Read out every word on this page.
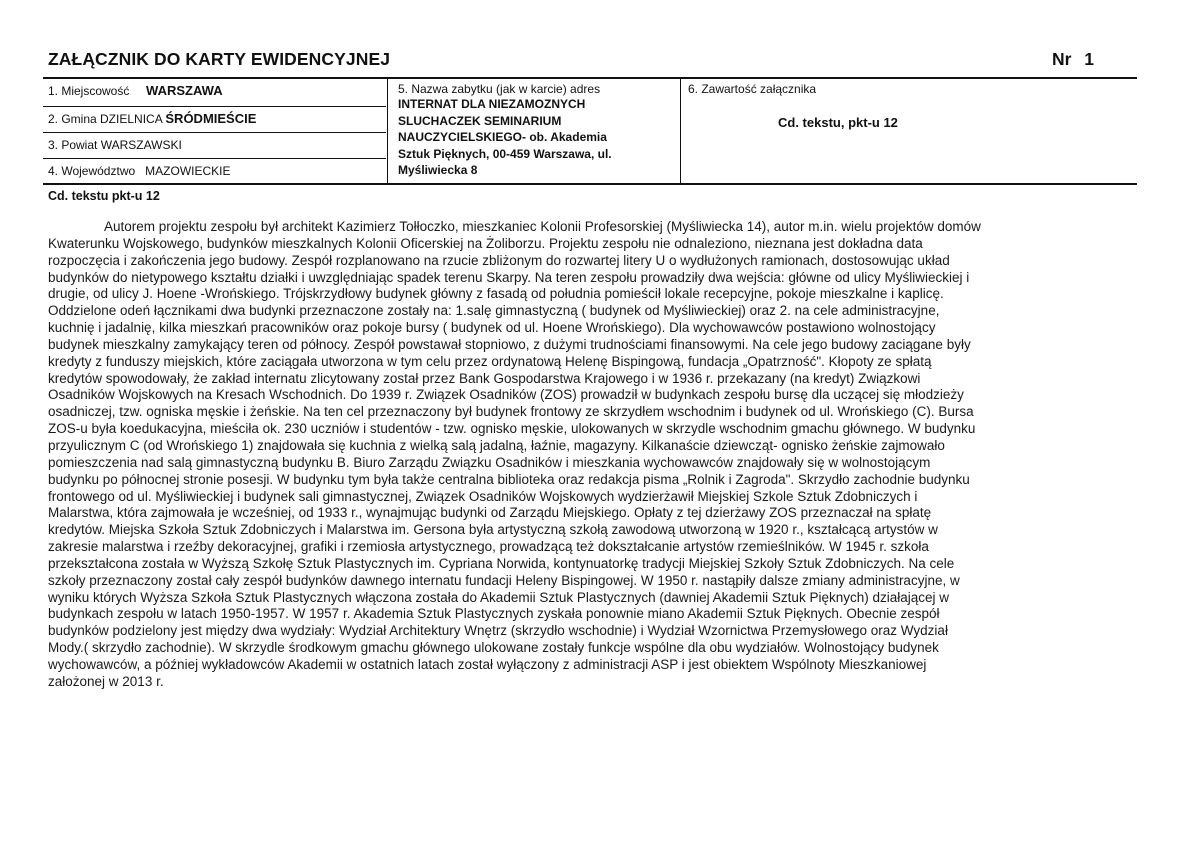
ZAŁĄCZNIK DO KARTY EWIDENCYJNEJ	Nr 1
1. Miejscowość WARSZAWA
2. Gmina DZIELNICA ŚRÓDMIEŚCIE
3. Powiat WARSZAWSKI
4. Województwo MAZOWIECKIE
5. Nazwa zabytku (jak w karcie) adres
INTERNAT DLA NIEZAMOZNYCH
SLUCHACZEK SEMINARIUM
NAUCZYCIELSKIEGO- ob. Akademia
Sztuk Pięknych, 00-459 Warszawa, ul.
Myśliwiecka 8
6. Zawartość załącznika
Cd. tekstu, pkt-u 12
Cd. tekstu pkt-u 12
Autorem projektu zespołu był architekt Kazimierz Tołłoczko, mieszkaniec Kolonii Profesorskiej (Myśliwiecka 14), autor m.in. wielu projektów domów
Kwaterunku Wojskowego, budynków mieszkalnych Kolonii Oficerskiej na Żoliborzu. Projektu zespołu nie odnaleziono, nieznana jest dokładna data
rozpoczęcia i zakończenia jego budowy. Zespół rozplanowano na rzucie zbliżonym do rozwartej litery U o wydłużonych ramionach, dostosowując układ
budynków do nietypowego kształtu działki i uwzględniając spadek terenu Skarpy. Na teren zespołu prowadziły dwa wejścia: główne od ulicy Myśliwieckiej i
drugie, od ulicy J. Hoene -Wrońskiego. Trójskrzydłowy budynek główny z fasadą od południa pomieścił lokale recepcyjne, pokoje mieszkalne i kaplicę.
Oddzielone odeń łącznikami dwa budynki przeznaczone zostały na: 1.salę gimnastyczną ( budynek od Myśliwieckiej) oraz 2. na cele administracyjne,
kuchnię i jadalnię, kilka mieszkań pracowników oraz pokoje bursy ( budynek od ul. Hoene Wrońskiego). Dla wychowawców postawiono wolnostojący
budynek mieszkalny zamykający teren od północy. Zespół powstawał stopniowo, z dużymi trudnościami finansowymi. Na cele jego budowy zaciągane były
kredyty z funduszy miejskich, które zaciągała utworzona w tym celu przez ordynatową Helenę Bispingową, fundacja „Opatrzność". Kłopoty ze spłatą
kredytów spowodowały, że zakład internatu zlicytowany został przez Bank Gospodarstwa Krajowego i w 1936 r. przekazany (na kredyt) Związkowi
Osadników Wojskowych na Kresach Wschodnich. Do 1939 r. Związek Osadników (ZOS) prowadził w budynkach zespołu bursę dla uczącej się młodzieży
osadniczej, tzw. ogniska męskie i żeńskie. Na ten cel przeznaczony był budynek frontowy ze skrzydłem wschodnim i budynek od ul. Wrońskiego (C). Bursa
ZOS-u była koedukacyjna, mieściła ok. 230 uczniów i studentów - tzw. ognisko męskie, ulokowanych w skrzydle wschodnim gmachu głównego. W budynku
przyulicznym C (od Wrońskiego 1) znajdowała się kuchnia z wielką salą jadalną, łaźnie, magazyny. Kilkanaście dziewcząt- ognisko żeńskie zajmowało
pomieszczenia nad salą gimnastyczną budynku B. Biuro Zarządu Związku Osadników i mieszkania wychowawców znajdowały się w wolnostojącym
budynku po północnej stronie posesji. W budynku tym była także centralna biblioteka oraz redakcja pisma „Rolnik i Zagroda". Skrzydło zachodnie budynku
frontowego od ul. Myśliwieckiej i budynek sali gimnastycznej, Związek Osadników Wojskowych wydzierżawił Miejskiej Szkole Sztuk Zdobniczych i
Malarstwa, która zajmowała je wcześniej, od 1933 r., wynajmując budynki od Zarządu Miejskiego. Opłaty z tej dzierżawy ZOS przeznaczał na spłatę
kredytów. Miejska Szkoła Sztuk Zdobniczych i Malarstwa im. Gersona była artystyczną szkołą zawodową utworzoną w 1920 r., kształcącą artystów w
zakresie malarstwa i rzeźby dekoracyjnej, grafiki i rzemiosła artystycznego, prowadzącą też dokształcanie artystów rzemieślników. W 1945 r. szkoła
przekształcona została w Wyższą Szkołę Sztuk Plastycznych im. Cypriana Norwida, kontynuatorkę tradycji Miejskiej Szkoły Sztuk Zdobniczych. Na cele
szkoły przeznaczony został cały zespół budynków dawnego internatu fundacji Heleny Bispingowej. W 1950 r. nastąpiły dalsze zmiany administracyjne, w
wyniku których Wyższa Szkoła Sztuk Plastycznych włączona została do Akademii Sztuk Plastycznych (dawniej Akademii Sztuk Pięknych) działającej w
budynkach zespołu w latach 1950-1957. W 1957 r. Akademia Sztuk Plastycznych zyskała ponownie miano Akademii Sztuk Pięknych. Obecnie zespół
budynków podzielony jest między dwa wydziały: Wydział Architektury Wnętrz (skrzydło wschodnie) i Wydział Wzornictwa Przemysłowego oraz Wydział
Mody.( skrzydło zachodnie). W skrzydle środkowym gmachu głównego ulokowane zostały funkcje wspólne dla obu wydziałów. Wolnostojący budynek
wychowawców, a później wykładowców Akademii w ostatnich latach został wyłączony z administracji ASP i jest obiektem Wspólnoty Mieszkaniowej
założonej w 2013 r.
